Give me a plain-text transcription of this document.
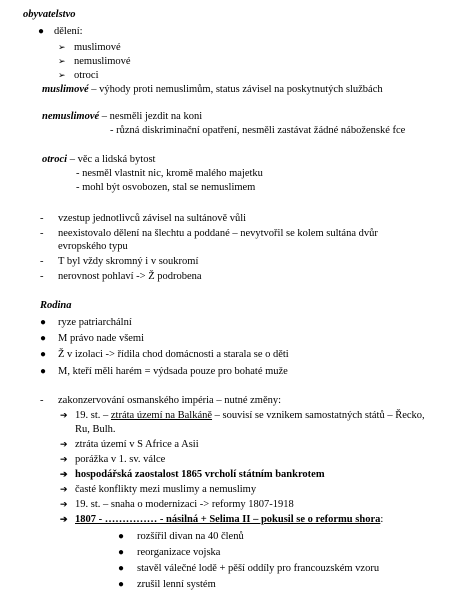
obyvatelstvo
● dělení:
➢ muslimové
➢ nemuslimové
➢ otroci
muslimové – výhody proti nemuslimům, status závisel na poskytnutých službách
nemuslimové – nesměli jezdit na koni
- různá diskriminační opatření, nesměli zastávat žádné náboženské fce
otroci – věc a lidská bytost
- nesměl vlastnit nic, kromě malého majetku
- mohl být osvobozen, stal se nemuslimem
- vzestup jednotlivců závisel na sultánově vůli
- neexistovalo dělení na šlechtu a poddané – nevytvořil se kolem sultána dvůr
evropského typu
- T byl vždy skromný i v soukromí
- nerovnost pohlaví -> Ž podrobena
Rodina
● ryze patriarchální
● M právo nade všemi
● Ž v izolaci -> řídila chod domácnosti a starala se o děti
● M, kteří měli harém = výdsada pouze pro bohaté muže
- zakonzervování osmanského impéria – nutné změny:
➔ 19. st. – ztráta území na Balkáně – souvisí se vznikem samostatných států – Řecko,
Ru, Bulh.
➔ ztráta území v S Africe a Asii
➔ porážka v 1. sv. válce
➔ hospodářská zaostalost 1865 vrcholí státním bankrotem
➔ časté konflikty mezi muslimy a nemuslimy
➔ 19. st. – snaha o modernizaci -> reformy 1807-1918
➔ 1807 - …………… - násilná + Selima II – pokusil se o reformu shora:
● rozšířil divan na 40 členů
● reorganizace vojska
● stavěl válečné lodě + pěší oddíly pro francouzském vzoru
● zrušil lenní systém
